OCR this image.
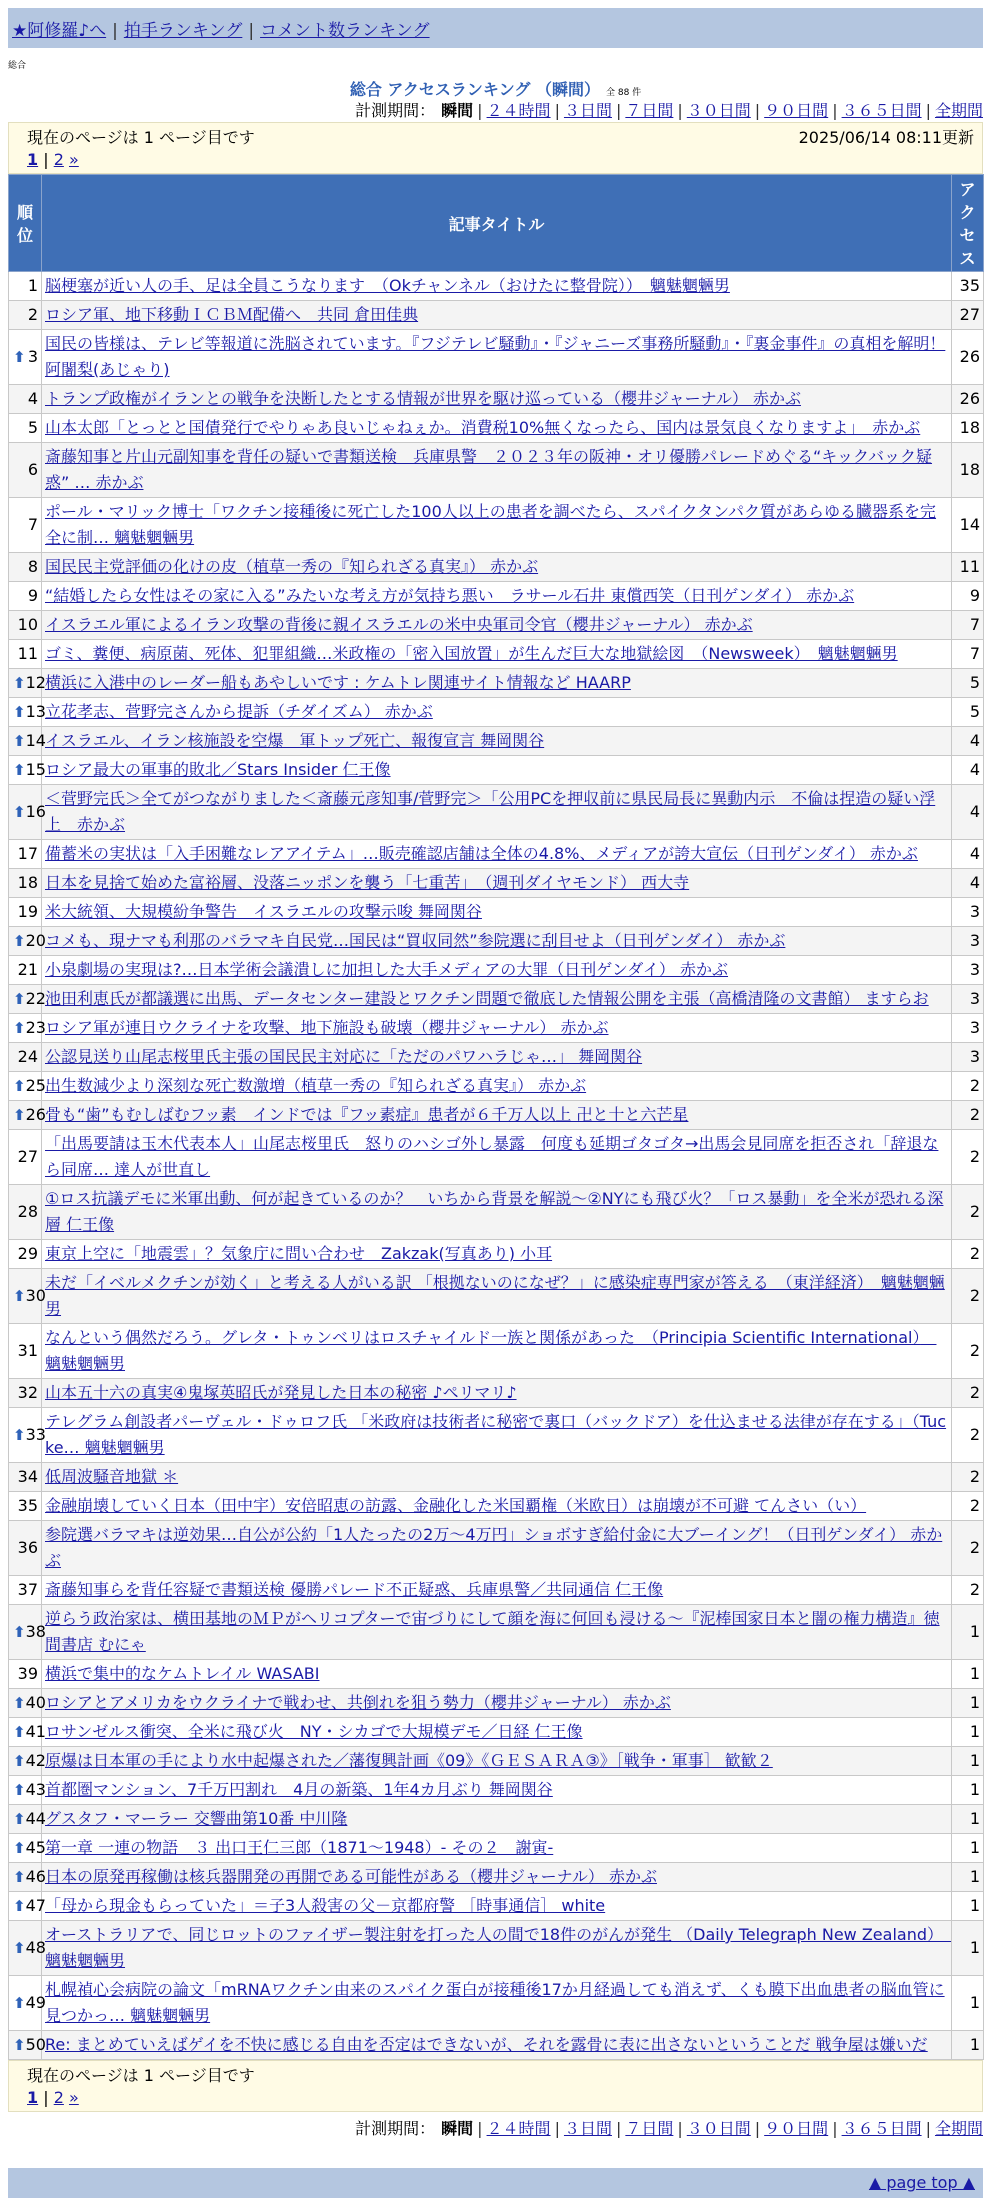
★阿修羅♪へ | 拍手ランキング | コメント数ランキング
総合
総合 アクセスランキング （瞬間） 全 88 件
計測期間： 瞬間 | ２４時間 | ３日間 | ７日間 | ３０日間 | ９０日間 | ３６５日間 | 全期間
現在のページは 1 ページ目です	2025/06/14 08:11更新
1 | 2 »
順位	記事タイトル	アクセス
1	脳梗塞が近い人の手、足は全員こうなります　（Okチャンネル（おけたに整骨院））　魑魅魍魎男	35
2	ロシア軍、地下移動ＩＣＢＭ配備へ　共同 倉田佳典	27

⬆ 3	国民の皆様は、テレビ等報道に洗脳されています。『フジテレビ騒動』・『ジャニーズ事務所騒動』・『裏金事件』の真相を解明！ 阿闍梨(あじゃり)	26
4	トランプ政権がイランとの戦争を決断したとする情報が世界を駆け巡っている（櫻井ジャーナル） 赤かぶ	26
5	山本太郎「とっとと国債発行でやりゃあ良いじゃねぇか。消費税10%無くなったら、国内は景気良くなりますよ」　赤かぶ	18
6	斎藤知事と片山元副知事を背任の疑いで書類送検　兵庫県警　２０２３年の阪神・オリ優勝パレードめぐる“キックバック疑惑” … 赤かぶ	18
7	ポール・マリック博士「ワクチン接種後に死亡した100人以上の患者を調べたら、スパイクタンパク質があらゆる臓器系を完全に制… 魑魅魍魎男	14
8	国民民主党評価の化けの皮（植草一秀の『知られざる真実』） 赤かぶ	11
9	“結婚したら女性はその家に入る”みたいな考え方が気持ち悪い　ラサール石井 東償西笑（日刊ゲンダイ） 赤かぶ	9
10	イスラエル軍によるイラン攻撃の背後に親イスラエルの米中央軍司令官（櫻井ジャーナル） 赤かぶ	7
11	ゴミ、糞便、病原菌、死体、犯罪組織…米政権の「密入国放置」が生んだ巨大な地獄絵図　（Newsweek）　魑魅魍魎男	7

⬆ 12	横浜に入港中のレーダー船もあやしいです : ケムトレ関連サイト情報など HAARP	5

⬆ 13	立花孝志、菅野完さんから提訴（チダイズム） 赤かぶ	5

⬆ 14	イスラエル、イラン核施設を空爆　軍トップ死亡、報復宣言 舞岡関谷	4

⬆ 15	ロシア最大の軍事的敗北／Stars Insider 仁王像	4

⬆ 16	＜菅野完氏＞全てがつながりました＜斎藤元彦知事/菅野完＞「公用PCを押収前に県民局長に異動内示　不倫は捏造の疑い浮上　赤かぶ	4
17	備蓄米の実状は「入手困難なレアアイテム」…販売確認店舗は全体の4.8%、メディアが誇大宣伝（日刊ゲンダイ） 赤かぶ	4
18	日本を見捨て始めた富裕層、没落ニッポンを襲う「七重苦」　（週刊ダイヤモンド） 西大寺	4
19	米大統領、大規模紛争警告　イスラエルの攻撃示唆 舞岡関谷	3

⬆ 20	コメも、現ナマも利那のバラマキ自民党…国民は“買収同然”参院選に刮目せよ（日刊ゲンダイ） 赤かぶ	3
21	小泉劇場の実現は?…日本学術会議潰しに加担した大手メディアの大罪（日刊ゲンダイ） 赤かぶ	3

⬆ 22	池田利恵氏が都議選に出馬、データセンター建設とワクチン問題で徹底した情報公開を主張（高橋清隆の文書館） ますらお	3

⬆ 23	ロシア軍が連日ウクライナを攻撃、地下施設も破壊（櫻井ジャーナル） 赤かぶ	3
24	公認見送り山尾志桜里氏主張の国民民主対応に「ただのパワハラじゃ…」 舞岡関谷	3

⬆ 25	出生数減少より深刻な死亡数激増（植草一秀の『知られざる真実』） 赤かぶ	2

⬆ 26	骨も“歯”もむしばむフッ素　インドでは『フッ素症』患者が６千万人以上 卍と十と六芒星	2
27	「出馬要請は玉木代表本人」山尾志桜里氏　怒りのハシゴ外し暴露　何度も延期ゴタゴタ→出馬会見同席を拒否され「辞退なら同席… 達人が世直し	2
28	①ロス抗議デモに米軍出動、何が起きているのか？　いちから背景を解説～②NYにも飛び火？「ロス暴動」を全米が恐れる深層 仁王像	2
29	東京上空に「地震雲」？気象庁に問い合わせ　Zakzak(写真あり) 小耳	2

⬆ 30	未だ「イベルメクチンが効く」と考える人がいる訳 「根拠ないのになぜ？」に感染症専門家が答える　（東洋経済）　魑魅魍魎男	2
31	なんという偶然だろう。グレタ・トゥンベリはロスチャイルド一族と関係があった　（Principia Scientific International）　魑魅魍魎男	2
32	山本五十六の真実④鬼塚英昭氏が発見した日本の秘密 ♪ペリマリ♪	2

⬆ 33	テレグラム創設者パーヴェル・ドゥロフ氏 「米政府は技術者に秘密で裏口（バックドア）を仕込ませる法律が存在する」（Tucke… 魑魅魍魎男	2
34	低周波騒音地獄 ＊	2
35	金融崩壊していく日本（田中宇）安倍昭恵の訪露、金融化した米国覇権（米欧日）は崩壊が不可避 てんさい（い）	2
36	参院選バラマキは逆効果…自公が公約「1人たったの2万～4万円」ショボすぎ給付金に大ブーイング！（日刊ゲンダイ） 赤かぶ	2
37	斎藤知事らを背任容疑で書類送検 優勝パレード不正疑惑、兵庫県警／共同通信 仁王像	2

⬆ 38	逆らう政治家は、横田基地のＭＰがヘリコプターで宙づりにして顔を海に何回も浸ける～『泥棒国家日本と闇の権力構造』徳間書店 むにゃ	1
39	横浜で集中的なケムトレイル WASABI	1

⬆ 40	ロシアとアメリカをウクライナで戦わせ、共倒れを狙う勢力（櫻井ジャーナル） 赤かぶ	1

⬆ 41	ロサンゼルス衝突、全米に飛び火　NY・シカゴで大規模デモ／日経 仁王像	1

⬆ 42	原爆は日本軍の手により水中起爆された／藩復興計画《09》《ＧＥＳＡＲＡ③》［戦争・軍事］ 歓歓２	1

⬆ 43	首都圏マンション、7千万円割れ　4月の新築、1年4カ月ぶり 舞岡関谷	1

⬆ 44	グスタフ・マーラー 交響曲第10番 中川隆	1

⬆ 45	第一章 一連の物語　３ 出口王仁三郎（1871～1948）- その２　謝寅-	1

⬆ 46	日本の原発再稼働は核兵器開発の再開である可能性がある（櫻井ジャーナル） 赤かぶ	1

⬆ 47	「母から現金もらっていた」＝子3人殺害の父－京都府警 ［時事通信］ white	1

⬆ 48	オーストラリアで、同じロットのファイザー製注射を打った人の間で18件のがんが発生 （Daily Telegraph New Zealand）　魑魅魍魎男	1

⬆ 49	札幌禎心会病院の論文「mRNAワクチン由来のスパイク蛋白が接種後17か月経過しても消えず、くも膜下出血患者の脳血管に見つかっ… 魑魅魍魎男	1

⬆ 50	Re: まとめていえばゲイを不快に感じる自由を否定はできないが、それを露骨に表に出さないということだ 戦争屋は嫌いだ	1
現在のページは 1 ページ目です
1 | 2 »
計測期間： 瞬間 | ２４時間 | ３日間 | ７日間 | ３０日間 | ９０日間 | ３６５日間 | 全期間
▲ page top ▲
